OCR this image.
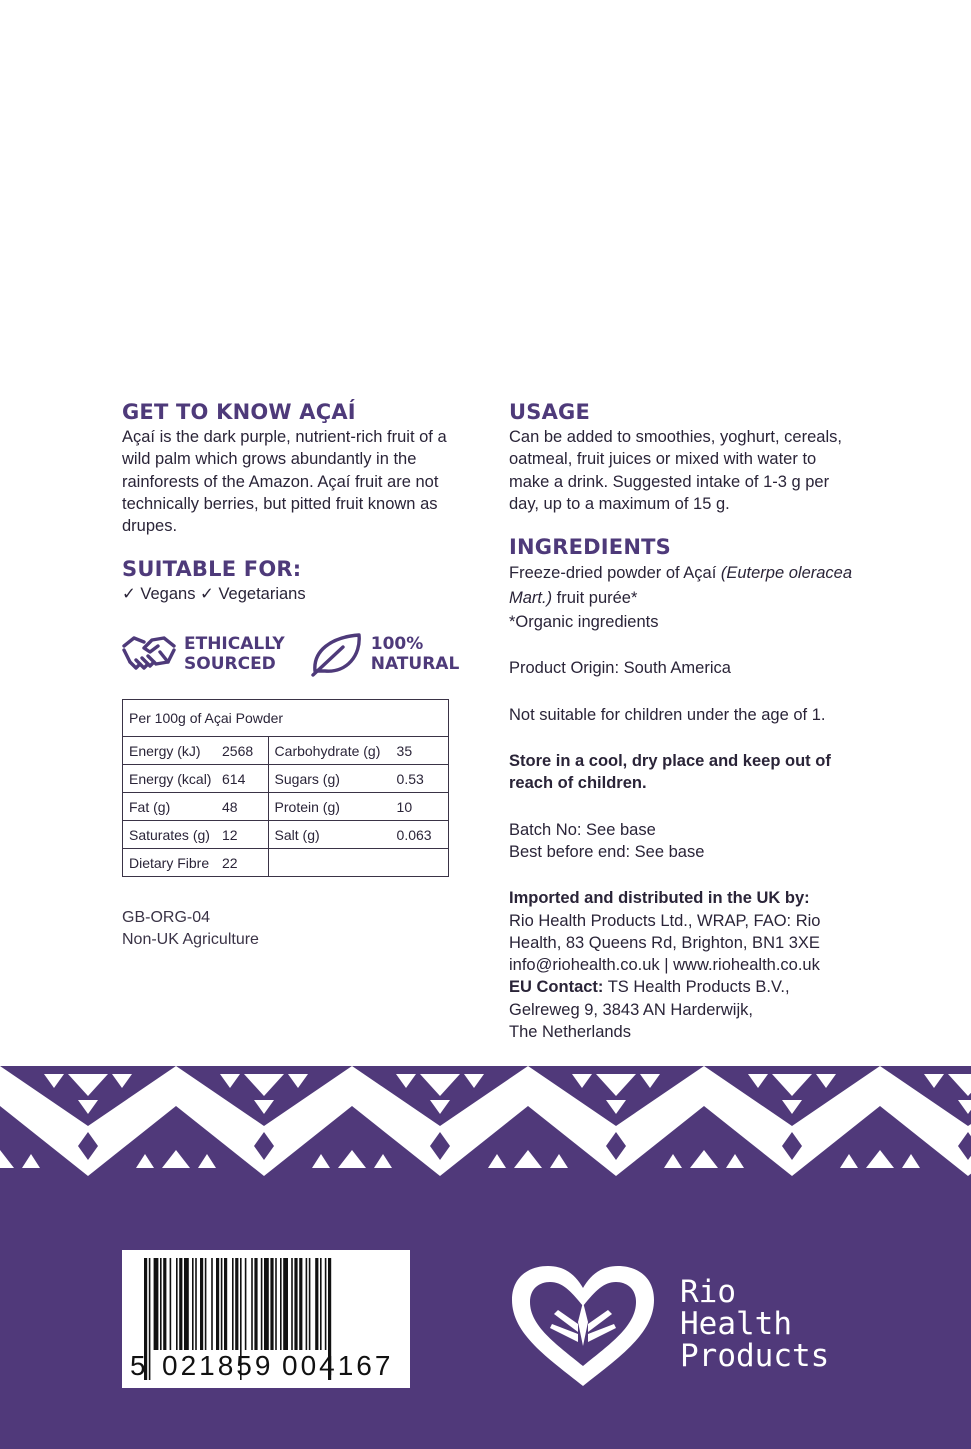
GET TO KNOW AÇAÍ

Açaí is the dark purple, nutrient-rich fruit of a wild palm which grows abundantly in the rainforests of the Amazon. Açaí fruit are not technically berries, but pitted fruit known as drupes.

SUITABLE FOR:

✓ Vegans ✓ Vegetarians

ETHICALLY
SOURCED
100%
NATURAL
Per 100g of Açai Powder	
Energy (kJ) 2568	Carbohydrate (g) 35
Energy (kcal) 614	Sugars (g) 0.53
Fat (g) 48	Protein (g) 10
Saturates (g) 12	Salt (g) 0.063
Dietary Fibre 22	
GB-ORG-04
Non-UK Agriculture
USAGE

Can be added to smoothies, yoghurt, cereals, oatmeal, fruit juices or mixed with water to make a drink. Suggested intake of 1-3 g per day, up to a maximum of 15 g.

INGREDIENTS

Freeze-dried powder of Açaí (Euterpe oleracea Mart.) fruit purée*

*Organic ingredients

Product Origin: South America

Not suitable for children under the age of 1.

Store in a cool, dry place and keep out of reach of children.

Batch No: See base

Best before end: See base

Imported and distributed in the UK by:

Rio Health Products Ltd., WRAP, FAO: Rio Health, 83 Queens Rd, Brighton, BN1 3XE

info@riohealth.co.uk | www.riohealth.co.uk

EU Contact: TS Health Products B.V.,

Gelreweg 9, 3843 AN Harderwijk,

The Netherlands

5 021859 004167
Rio
Health
Products
